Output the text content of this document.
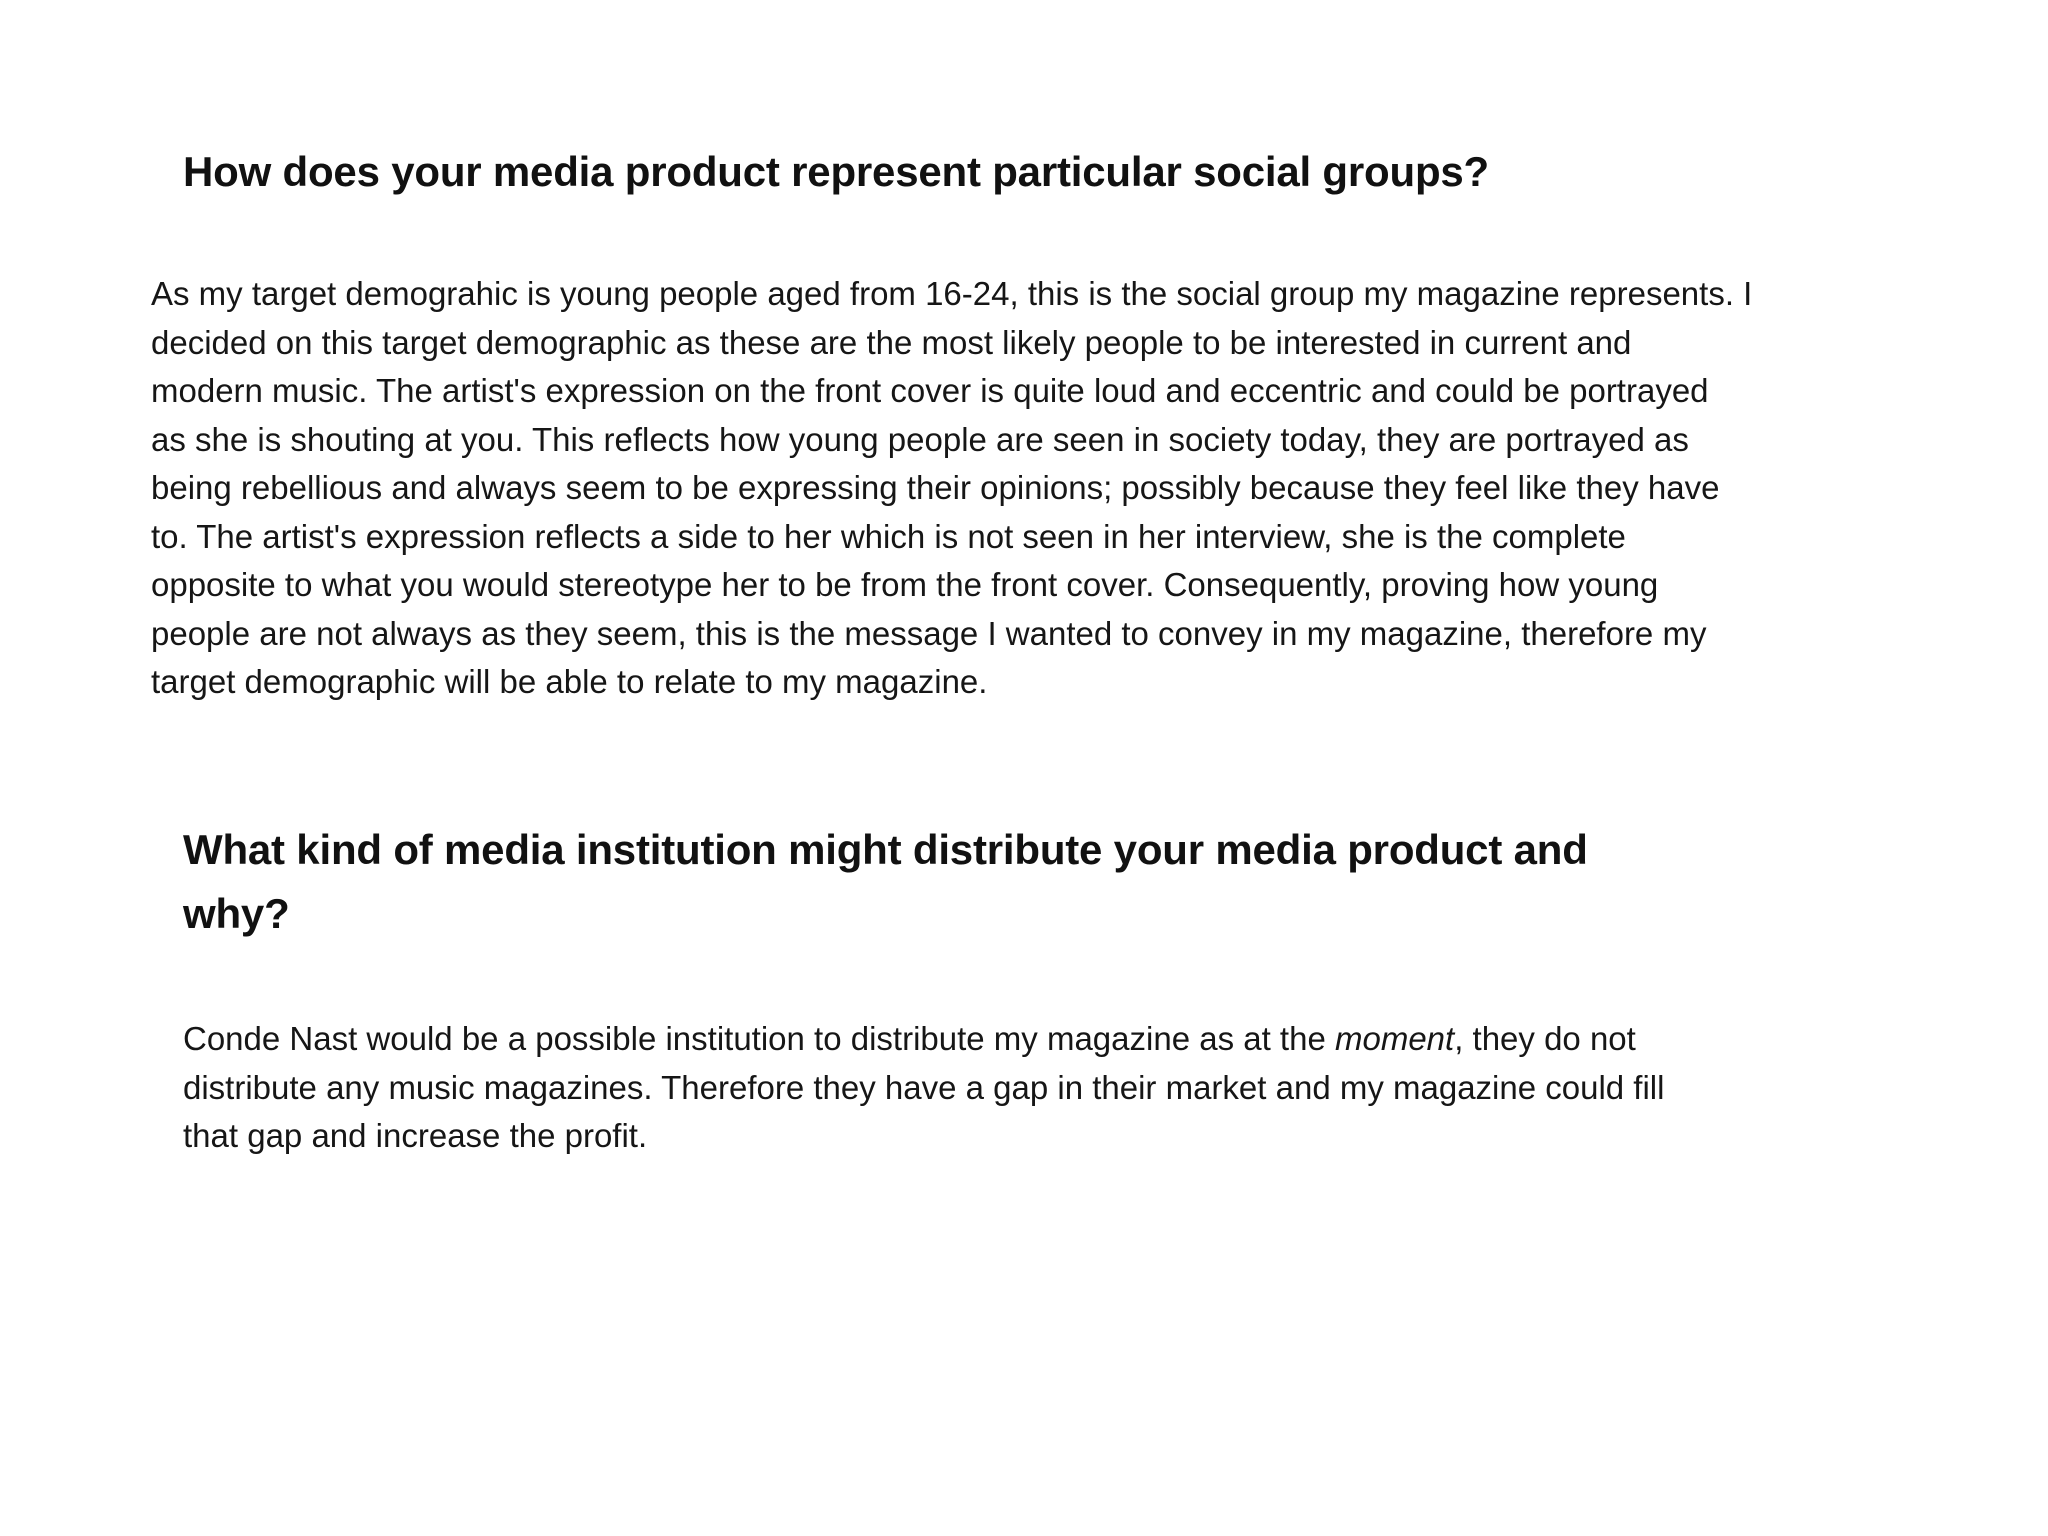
How does your media product represent particular social groups?

As my target demograhic is young people aged from 16-24, this is the social group my magazine represents. I
decided on this target demographic as these are the most likely people to be interested in current and
modern music. The artist's expression on the front cover is quite loud and eccentric and could be portrayed
as she is shouting at you. This reflects how young people are seen in society today, they are portrayed as
being rebellious and always seem to be expressing their opinions; possibly because they feel like they have
to. The artist's expression reflects a side to her which is not seen in her interview, she is the complete
opposite to what you would stereotype her to be from the front cover. Consequently, proving how young
people are not always as they seem, this is the message I wanted to convey in my magazine, therefore my
target demographic will be able to relate to my magazine.

What kind of media institution might distribute your media product and
why?

Conde Nast would be a possible institution to distribute my magazine as at the moment, they do not
distribute any music magazines. Therefore they have a gap in their market and my magazine could fill
that gap and increase the profit.
